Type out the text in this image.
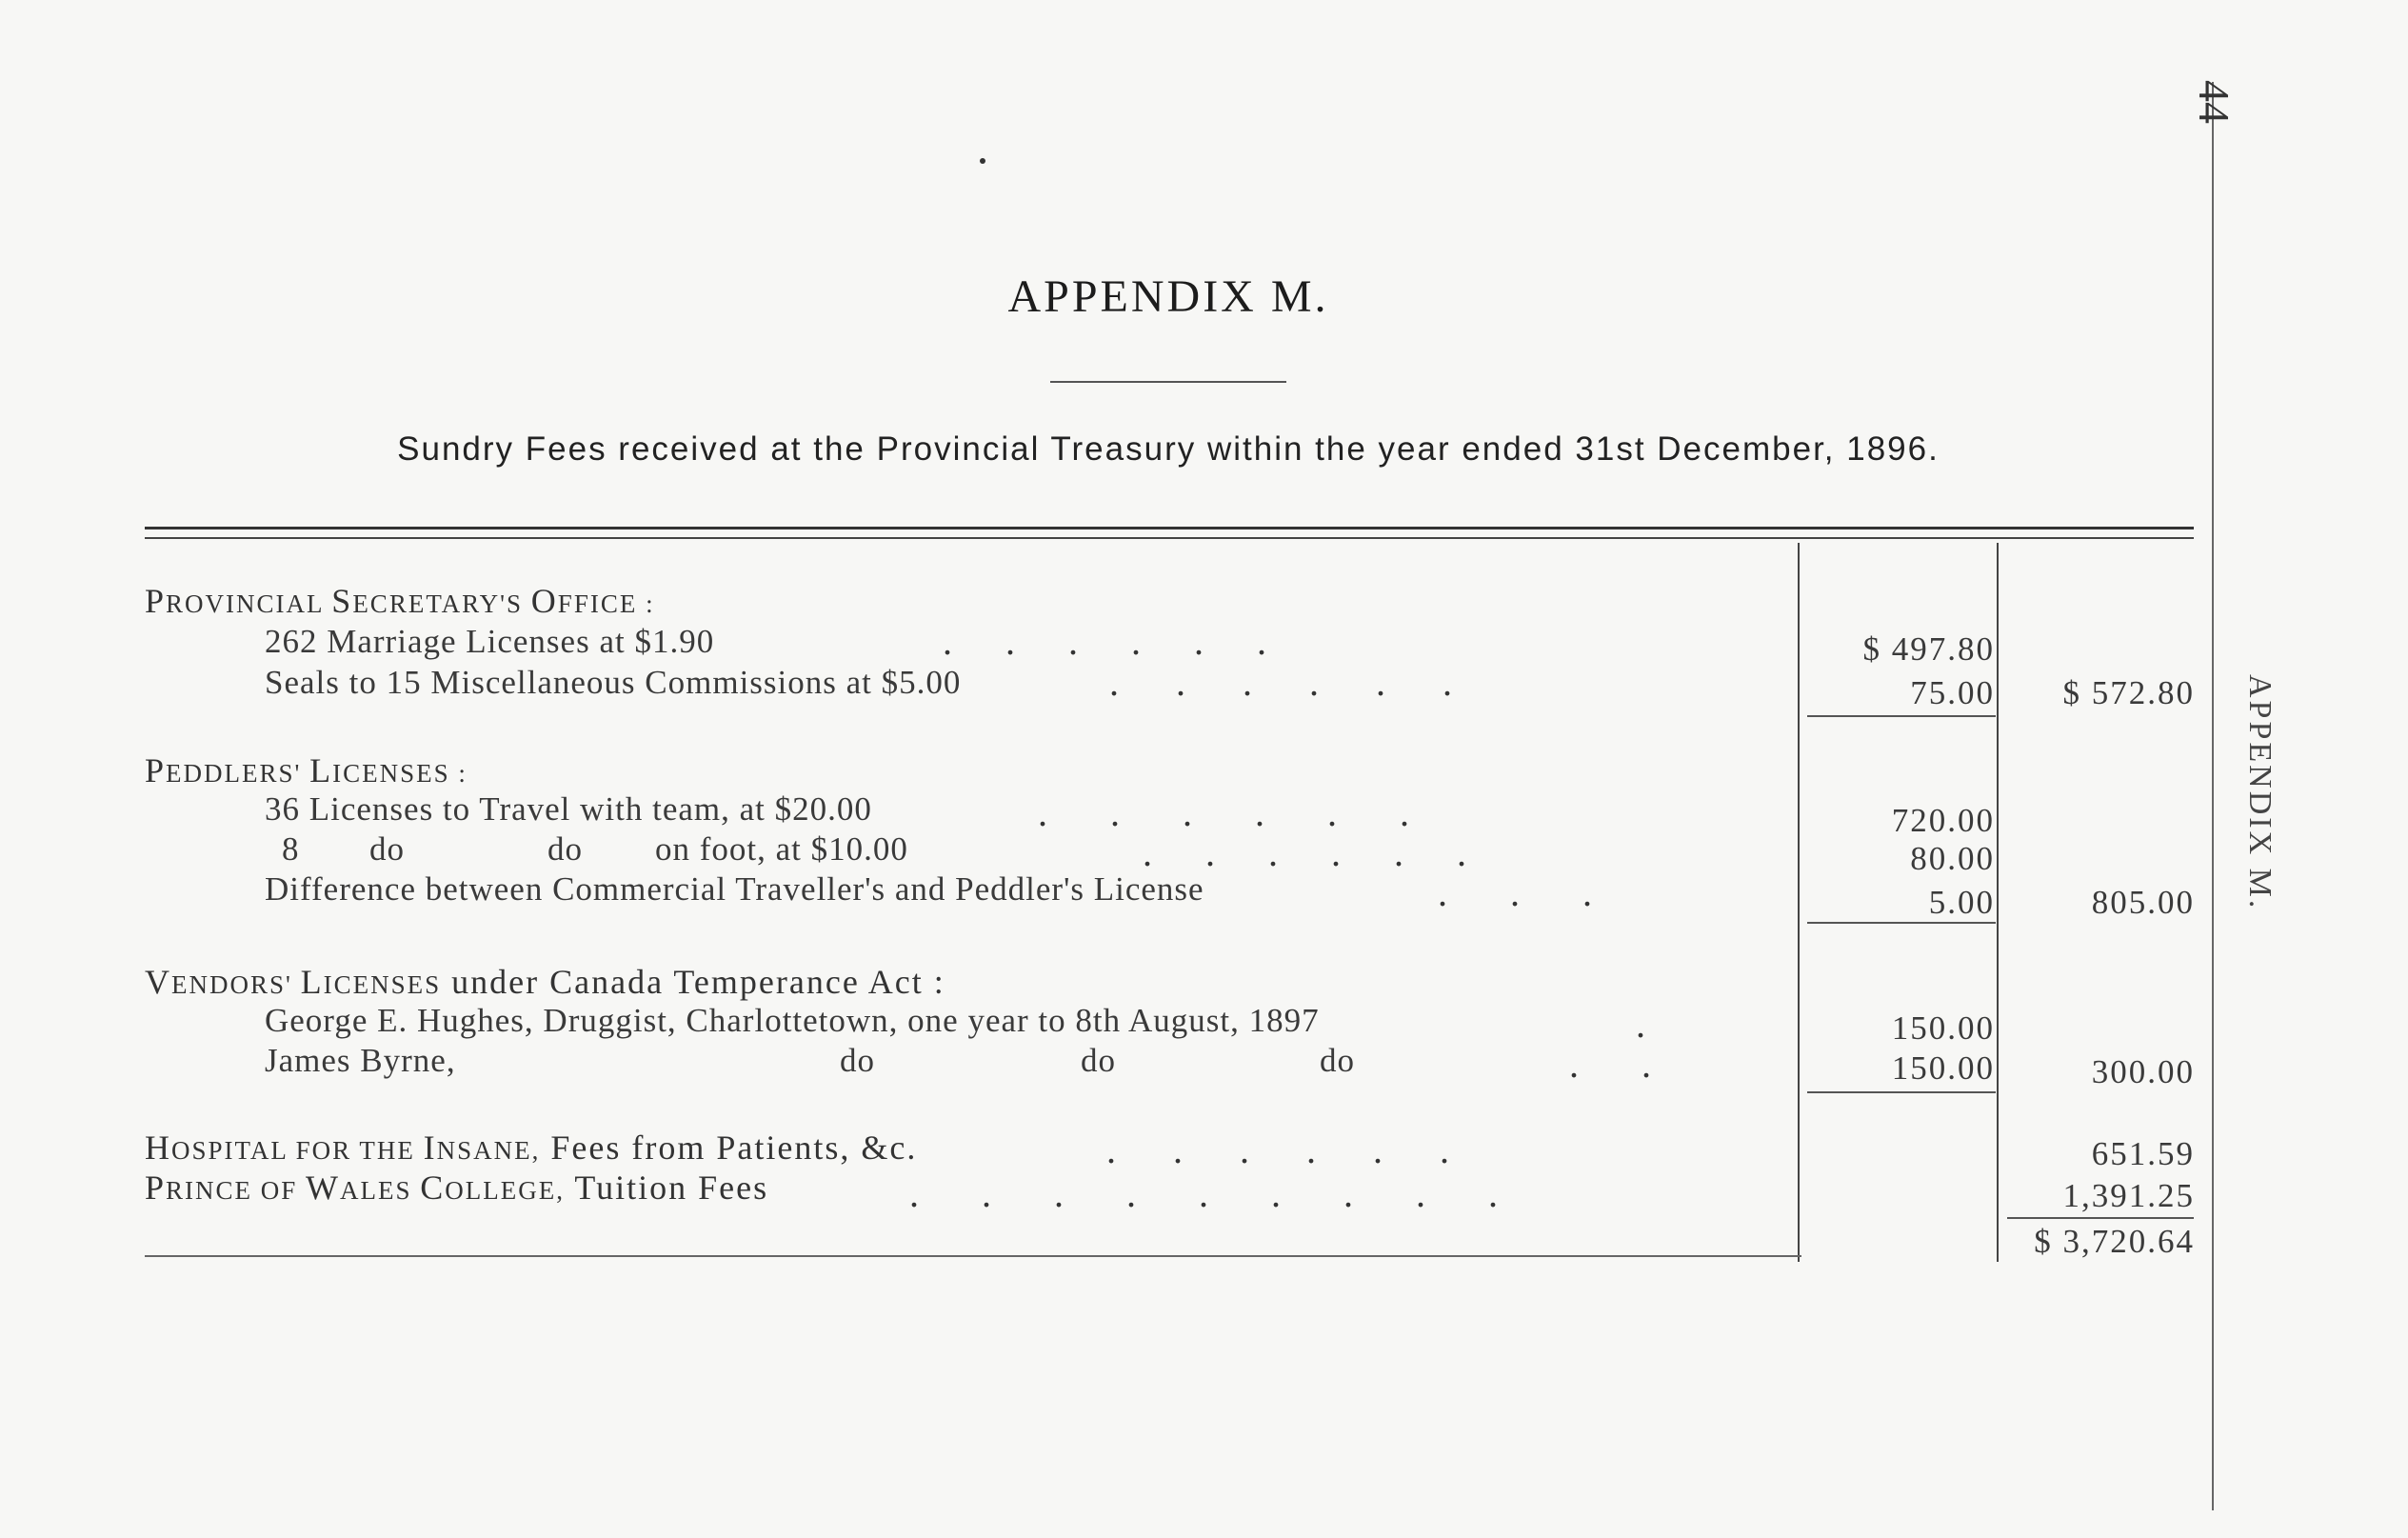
44
APPENDIX M.
APPENDIX M.
Sundry Fees received at the Provincial Treasury within the year ended 31st December, 1896.
PROVINCIAL SECRETARY'S OFFICE :
262 Marriage Licenses at $1.90	. . . . . .	$ 497.80
Seals to 15 Miscellaneous Commissions at $5.00	. . . . . .	75.00	$ 572.80
PEDDLERS' LICENSES :
36 Licenses to Travel with team, at $20.00	. . . . . .	720.00
8 do	do on foot, at $10.00	. . . . . .	80.00
Difference between Commercial Traveller's and Peddler's License	. . .	5.00	805.00
VENDORS' LICENSES under Canada Temperance Act :
George E. Hughes, Druggist, Charlottetown, one year to 8th August, 1897	.	150.00
James Byrne,	do	do	do	. .	150.00	300.00
HOSPITAL FOR THE INSANE, Fees from Patients, &c.	. . . . . .	651.59
PRINCE OF WALES COLLEGE, Tuition Fees	. . . . . . . . .	1,391.25
$ 3,720.64
